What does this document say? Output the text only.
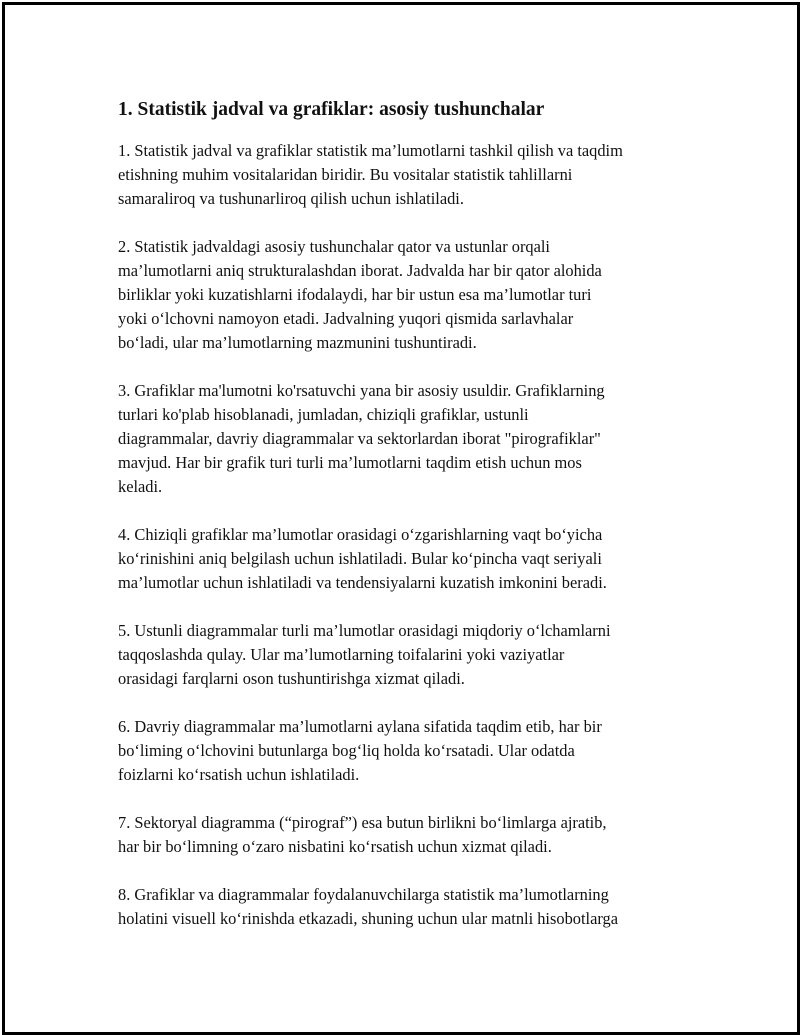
1. Statistik jadval va grafiklar: asosiy tushunchalar
1. Statistik jadval va grafiklar statistik ma’lumotlarni tashkil qilish va taqdim
etishning muhim vositalaridan biridir. Bu vositalar statistik tahlillarni
samaraliroq va tushunarliroq qilish uchun ishlatiladi.
2. Statistik jadvaldagi asosiy tushunchalar qator va ustunlar orqali
ma’lumotlarni aniq strukturalashdan iborat. Jadvalda har bir qator alohida
birliklar yoki kuzatishlarni ifodalaydi, har bir ustun esa ma’lumotlar turi
yoki o‘lchovni namoyon etadi. Jadvalning yuqori qismida sarlavhalar
bo‘ladi, ular ma’lumotlarning mazmunini tushuntiradi.
3. Grafiklar ma'lumotni ko'rsatuvchi yana bir asosiy usuldir. Grafiklarning
turlari ko'plab hisoblanadi, jumladan, chiziqli grafiklar, ustunli
diagrammalar, davriy diagrammalar va sektorlardan iborat "pirografiklar"
mavjud. Har bir grafik turi turli ma’lumotlarni taqdim etish uchun mos
keladi.
4. Chiziqli grafiklar ma’lumotlar orasidagi o‘zgarishlarning vaqt bo‘yicha
ko‘rinishini aniq belgilash uchun ishlatiladi. Bular ko‘pincha vaqt seriyali
ma’lumotlar uchun ishlatiladi va tendensiyalarni kuzatish imkonini beradi.
5. Ustunli diagrammalar turli ma’lumotlar orasidagi miqdoriy o‘lchamlarni
taqqoslashda qulay. Ular ma’lumotlarning toifalarini yoki vaziyatlar
orasidagi farqlarni oson tushuntirishga xizmat qiladi.
6. Davriy diagrammalar ma’lumotlarni aylana sifatida taqdim etib, har bir
bo‘liming o‘lchovini butunlarga bog‘liq holda ko‘rsatadi. Ular odatda
foizlarni ko‘rsatish uchun ishlatiladi.
7. Sektoryal diagramma (“pirograf”) esa butun birlikni bo‘limlarga ajratib,
har bir bo‘limning o‘zaro nisbatini ko‘rsatish uchun xizmat qiladi.
8. Grafiklar va diagrammalar foydalanuvchilarga statistik ma’lumotlarning
holatini visuell ko‘rinishda etkazadi, shuning uchun ular matnli hisobotlarga
